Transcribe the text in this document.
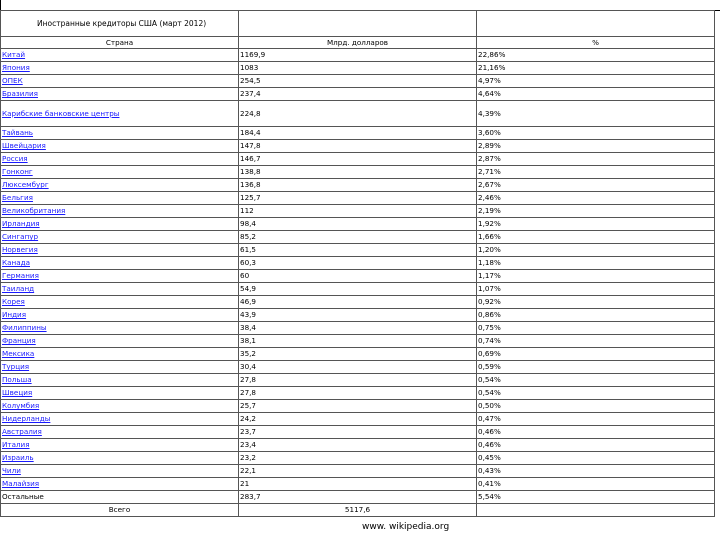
Иностранные кредиторы США (март 2012)		
Страна	Млрд. долларов	%
Китай	1169,9	22,86%
Япония	1083	21,16%
ОПЕК	254,5	4,97%
Бразилия	237,4	4,64%
Карибские банковские центры	224,8	4,39%
Тайвань	184,4	3,60%
Швейцария	147,8	2,89%
Россия	146,7	2,87%
Гонконг	138,8	2,71%
Люксембург	136,8	2,67%
Бельгия	125,7	2,46%
Великобритания	112	2,19%
Ирландия	98,4	1,92%
Сингапур	85,2	1,66%
Норвегия	61,5	1,20%
Канада	60,3	1,18%
Германия	60	1,17%
Таиланд	54,9	1,07%
Корея	46,9	0,92%
Индия	43,9	0,86%
Филиппины	38,4	0,75%
Франция	38,1	0,74%
Мексика	35,2	0,69%
Турция	30,4	0,59%
Польша	27,8	0,54%
Швеция	27,8	0,54%
Колумбия	25,7	0,50%
Нидерланды	24,2	0,47%
Австралия	23,7	0,46%
Италия	23,4	0,46%
Израиль	23,2	0,45%
Чили	22,1	0,43%
Малайзия	21	0,41%
Остальные	283,7	5,54%
Всего	5117,6	
www. wikipedia.org
